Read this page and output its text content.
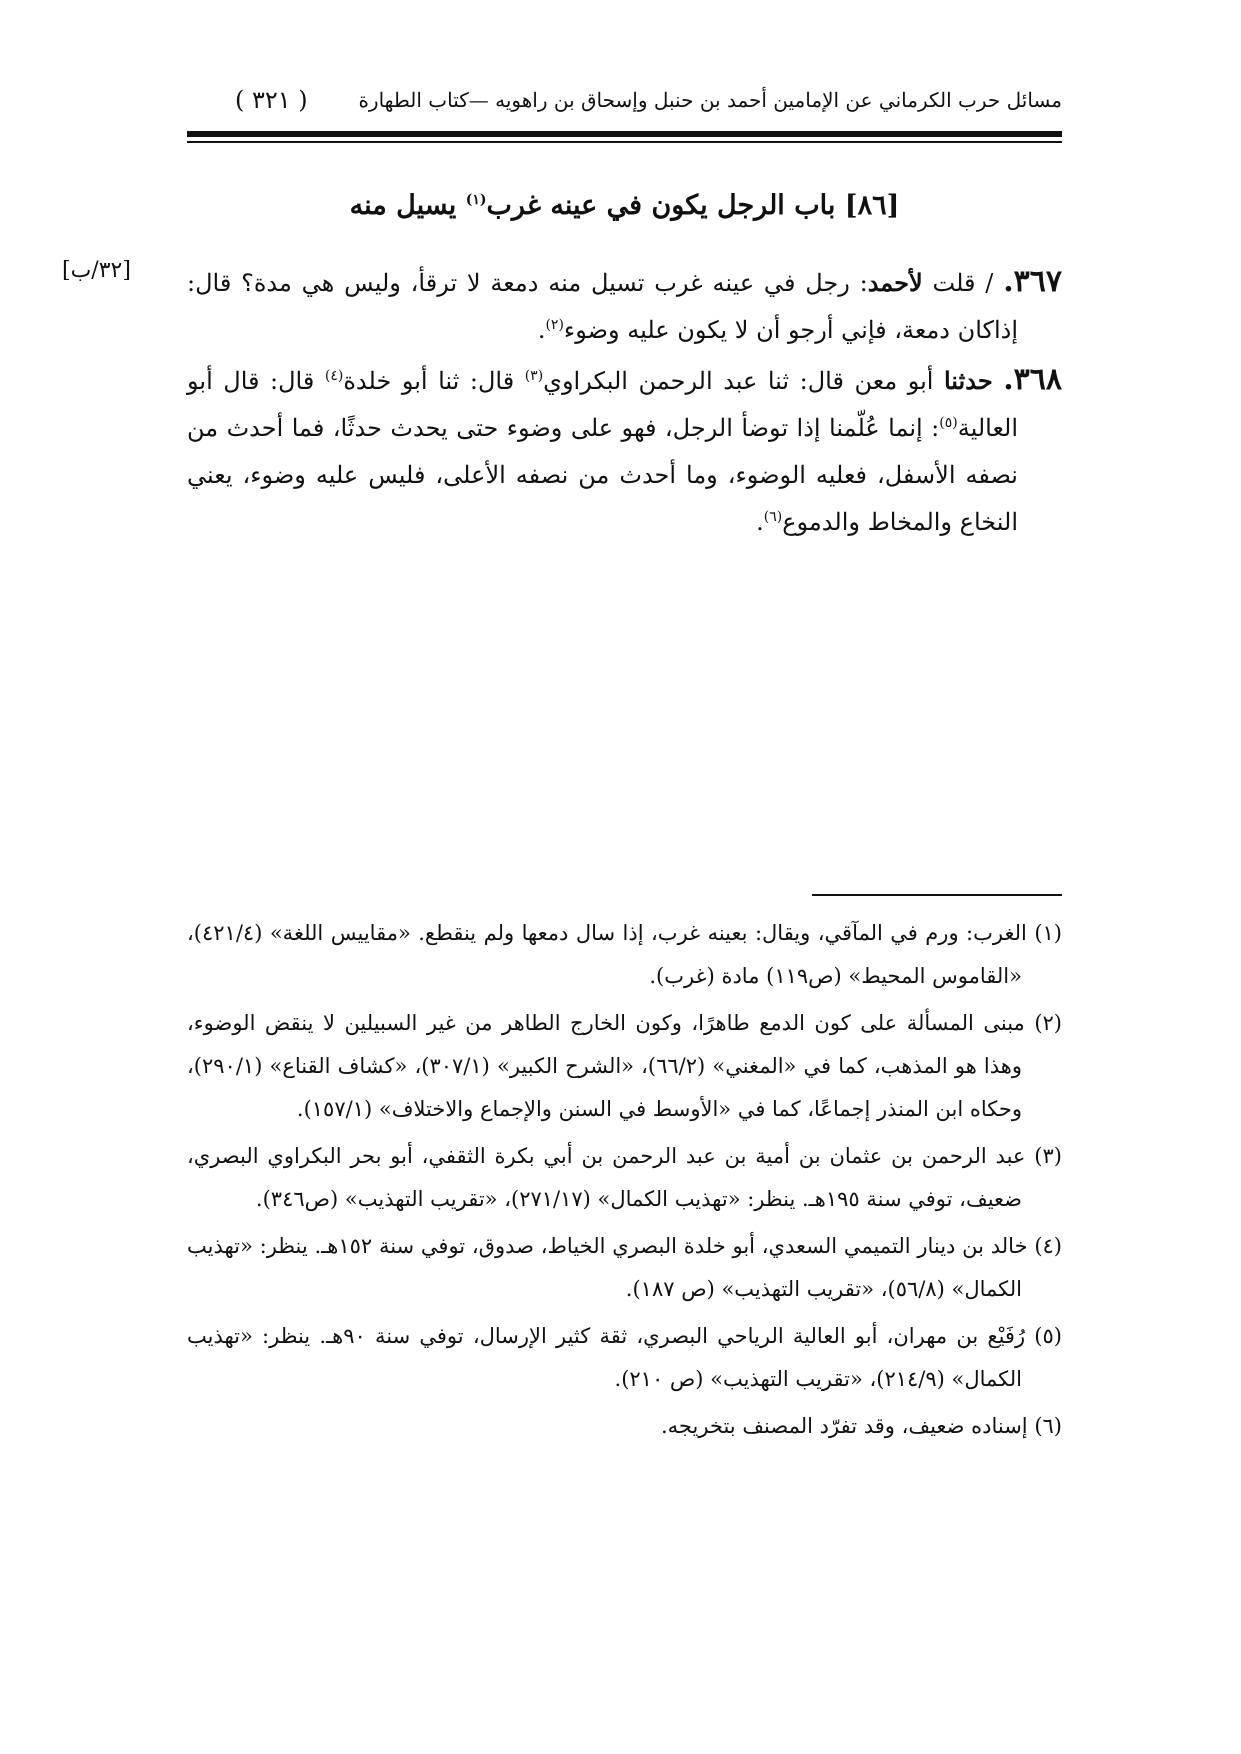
مسائل حرب الكرماني عن الإمامين أحمد بن حنبل وإسحاق بن راهويه —كتاب الطهارة
( ٣٢١ )
[٨٦] باب الرجل يكون في عينه غرب$^{(١)}$ يسيل منه
[٣٢/ب]	٣٦٧. / قلت لأحمد: رجل في عينه غرب تسيل منه دمعة لا ترقأ، وليس هي مدة؟ قال: إذاكان دمعة، فإني أرجو أن لا يكون عليه وضوء$^{(٢)}$.

٣٦٨. حدثنا أبو معن قال: ثنا عبد الرحمن البكراوي$^{(٣)}$ قال: ثنا أبو خلدة$^{(٤)}$ قال: قال أبو العالية$^{(٥)}$: إنما عُلّمنا إذا توضأ الرجل، فهو على وضوء حتى يحدث حدثًا، فما أحدث من نصفه الأسفل، فعليه الوضوء، وما أحدث من نصفه الأعلى، فليس عليه وضوء، يعني النخاع والمخاط والدموع$^{(٦)}$.

(١) الغرب: ورم في المآقي، ويقال: بعينه غرب، إذا سال دمعها ولم ينقطع. «مقاييس اللغة» (٤٢١/٤)، «القاموس المحيط» (ص١١٩) مادة (غرب).

(٢) مبنى المسألة على كون الدمع طاهرًا، وكون الخارج الطاهر من غير السبيلين لا ينقض الوضوء، وهذا هو المذهب، كما في «المغني» (٦٦/٢)، «الشرح الكبير» (٣٠٧/١)، «كشاف القناع» (٢٩٠/١)، وحكاه ابن المنذر إجماعًا، كما في «الأوسط في السنن والإجماع والاختلاف» (١٥٧/١).

(٣) عبد الرحمن بن عثمان بن أمية بن عبد الرحمن بن أبي بكرة الثقفي، أبو بحر البكراوي البصري، ضعيف، توفي سنة ١٩٥هـ. ينظر: «تهذيب الكمال» (٢٧١/١٧)، «تقريب التهذيب» (ص٣٤٦).

(٤) خالد بن دينار التميمي السعدي، أبو خلدة البصري الخياط، صدوق، توفي سنة ١٥٢هـ. ينظر: «تهذيب الكمال» (٥٦/٨)، «تقريب التهذيب» (ص ١٨٧).

(٥) رُفَيْع بن مهران، أبو العالية الرياحي البصري، ثقة كثير الإرسال، توفي سنة ٩٠هـ. ينظر: «تهذيب الكمال» (٢١٤/٩)، «تقريب التهذيب» (ص ٢١٠).

(٦) إسناده ضعيف، وقد تفرّد المصنف بتخريجه.
